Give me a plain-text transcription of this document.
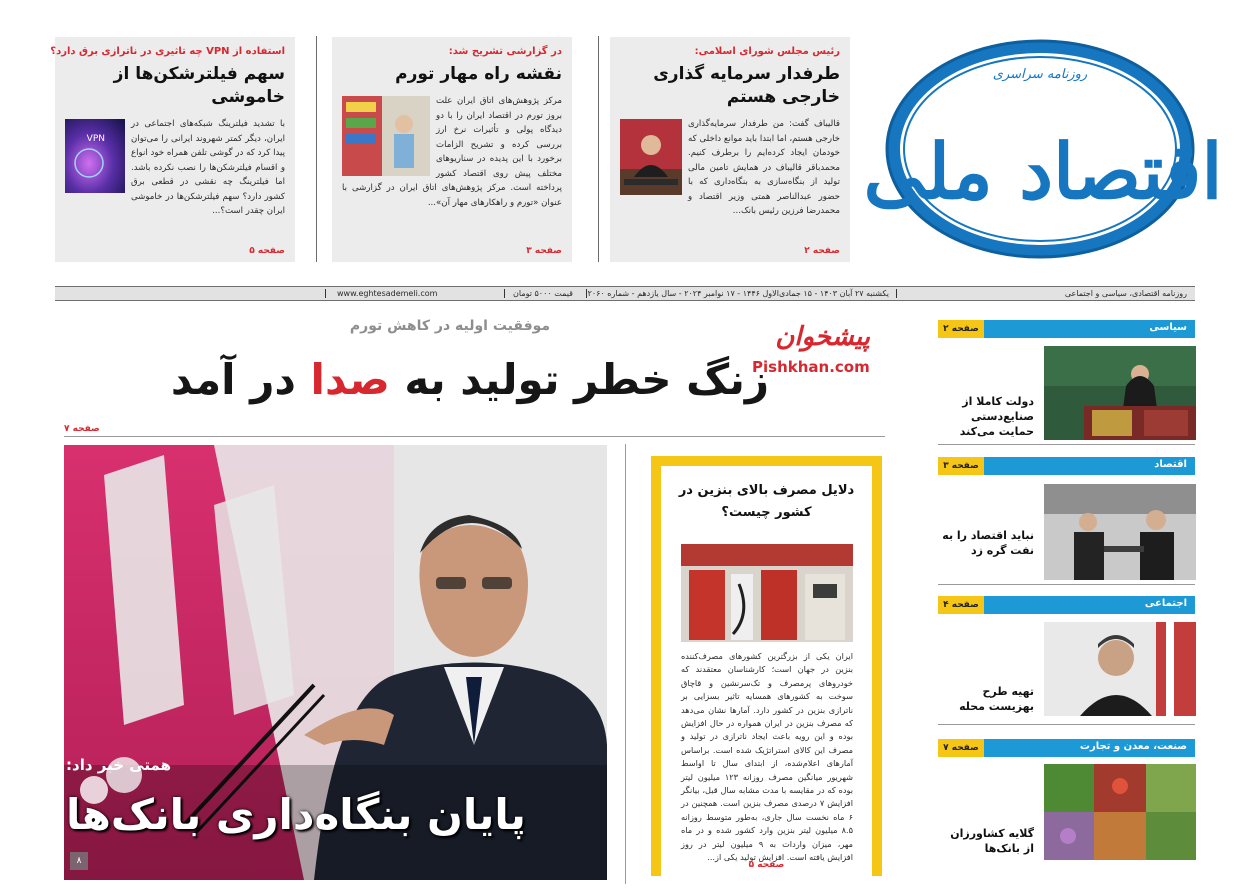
روزنامه سراسری
اقتصاد ملی
رئیس مجلس شورای اسلامی:
طرفدار سرمایه گذاری خارجی هستم
قالیباف گفت: من طرفدار سرمایه‌گذاری خارجی هستم، اما ابتدا باید موانع داخلی که خودمان ایجاد کرده‌ایم را برطرف کنیم. محمدباقر قالیباف در همایش تامین مالی تولید از بنگاه‌سازی به بنگاه‌داری که با حضور عبدالناصر همتی وزیر اقتصاد و محمدرضا فرزین رئیس بانک...
صفحه ۲
در گزارشی تشریح شد:
نقشه راه مهار تورم
مرکز پژوهش‌های اتاق ایران علت بروز تورم در اقتصاد ایران را با دو دیدگاه پولی و تأثیرات نرخ ارز بررسی کرده و تشریح الزامات برخورد با این پدیده در سناریوهای مختلف پیش روی اقتصاد کشور پرداخته است. مرکز پژوهش‌های اتاق ایران در گزارشی با عنوان «تورم و راهکارهای مهار آن»...
صفحه ۳
استفاده از VPN چه تاثیری در ناترازی برق دارد؟
سهم فیلترشکن‌ها از خاموشی
VPN
با تشدید فیلترینگ شبکه‌های اجتماعی در ایران، دیگر کمتر شهروند ایرانی را می‌توان پیدا کرد که در گوشی تلفن همراه خود انواع و اقسام فیلترشکن‌ها را نصب نکرده باشد. اما فیلترینگ چه نقشی در قطعی برق کشور دارد؟ سهم فیلترشکن‌ها در خاموشی ایران چقدر است؟...
صفحه ۵
روزنامه اقتصادی، سیاسی و اجتماعی
یکشنبه ۲۷ آبان ۱۴۰۳ - ۱۵ جمادی‌الاول ۱۴۴۶ - ۱۷ نوامبر ۲۰۲۴ - سال یازدهم - شماره ۲۰۶۰
قیمت ۵۰۰۰ تومان
www.eghtesademeli.com
سیاسی
صفحه ۲
دولت کاملا از صنایع‌دستی حمایت می‌کند
اقتصاد
صفحه ۳
نباید اقتصاد را به نفت گره زد
اجتماعی
صفحه ۴
تهیه طرح بهزیست محله
صنعت، معدن و تجارت
صفحه ۷
گلایه کشاورزان از بانک‌ها
پیشخوان
Pishkhan.com
موفقیت اولیه در کاهش تورم
زنگ خطر تولید به صدا در آمد
صفحه ۷
دلایل مصرف بالای بنزین در کشور چیست؟
ایران یکی از بزرگترین کشورهای مصرف‌کننده بنزین در جهان است؛ کارشناسان معتقدند که خودروهای پرمصرف و تک‌سرنشین و قاچاق سوخت به کشورهای همسایه تاثیر بسزایی بر ناترازی بنزین در کشور دارد. آمارها نشان می‌دهد که مصرف بنزین در ایران همواره در حال افزایش بوده و این رویه باعث ایجاد ناترازی در تولید و مصرف این کالای استراتژیک شده است. براساس آمارهای اعلام‌شده، از ابتدای سال تا اواسط شهریور میانگین مصرف روزانه ۱۲۳ میلیون لیتر بوده که در مقایسه با مدت مشابه سال قبل، بیانگر افزایش ۷ درصدی مصرف بنزین است. همچنین در ۶ ماه نخست سال جاری، به‌طور متوسط روزانه ۸.۵ میلیون لیتر بنزین وارد کشور شده و در ماه مهر، میزان واردات به ۹ میلیون لیتر در روز افزایش یافته است. افزایش تولید یکی از...
صفحه ۵
همتی خبر داد:
پایان بنگاه‌داری بانک‌ها
۸
